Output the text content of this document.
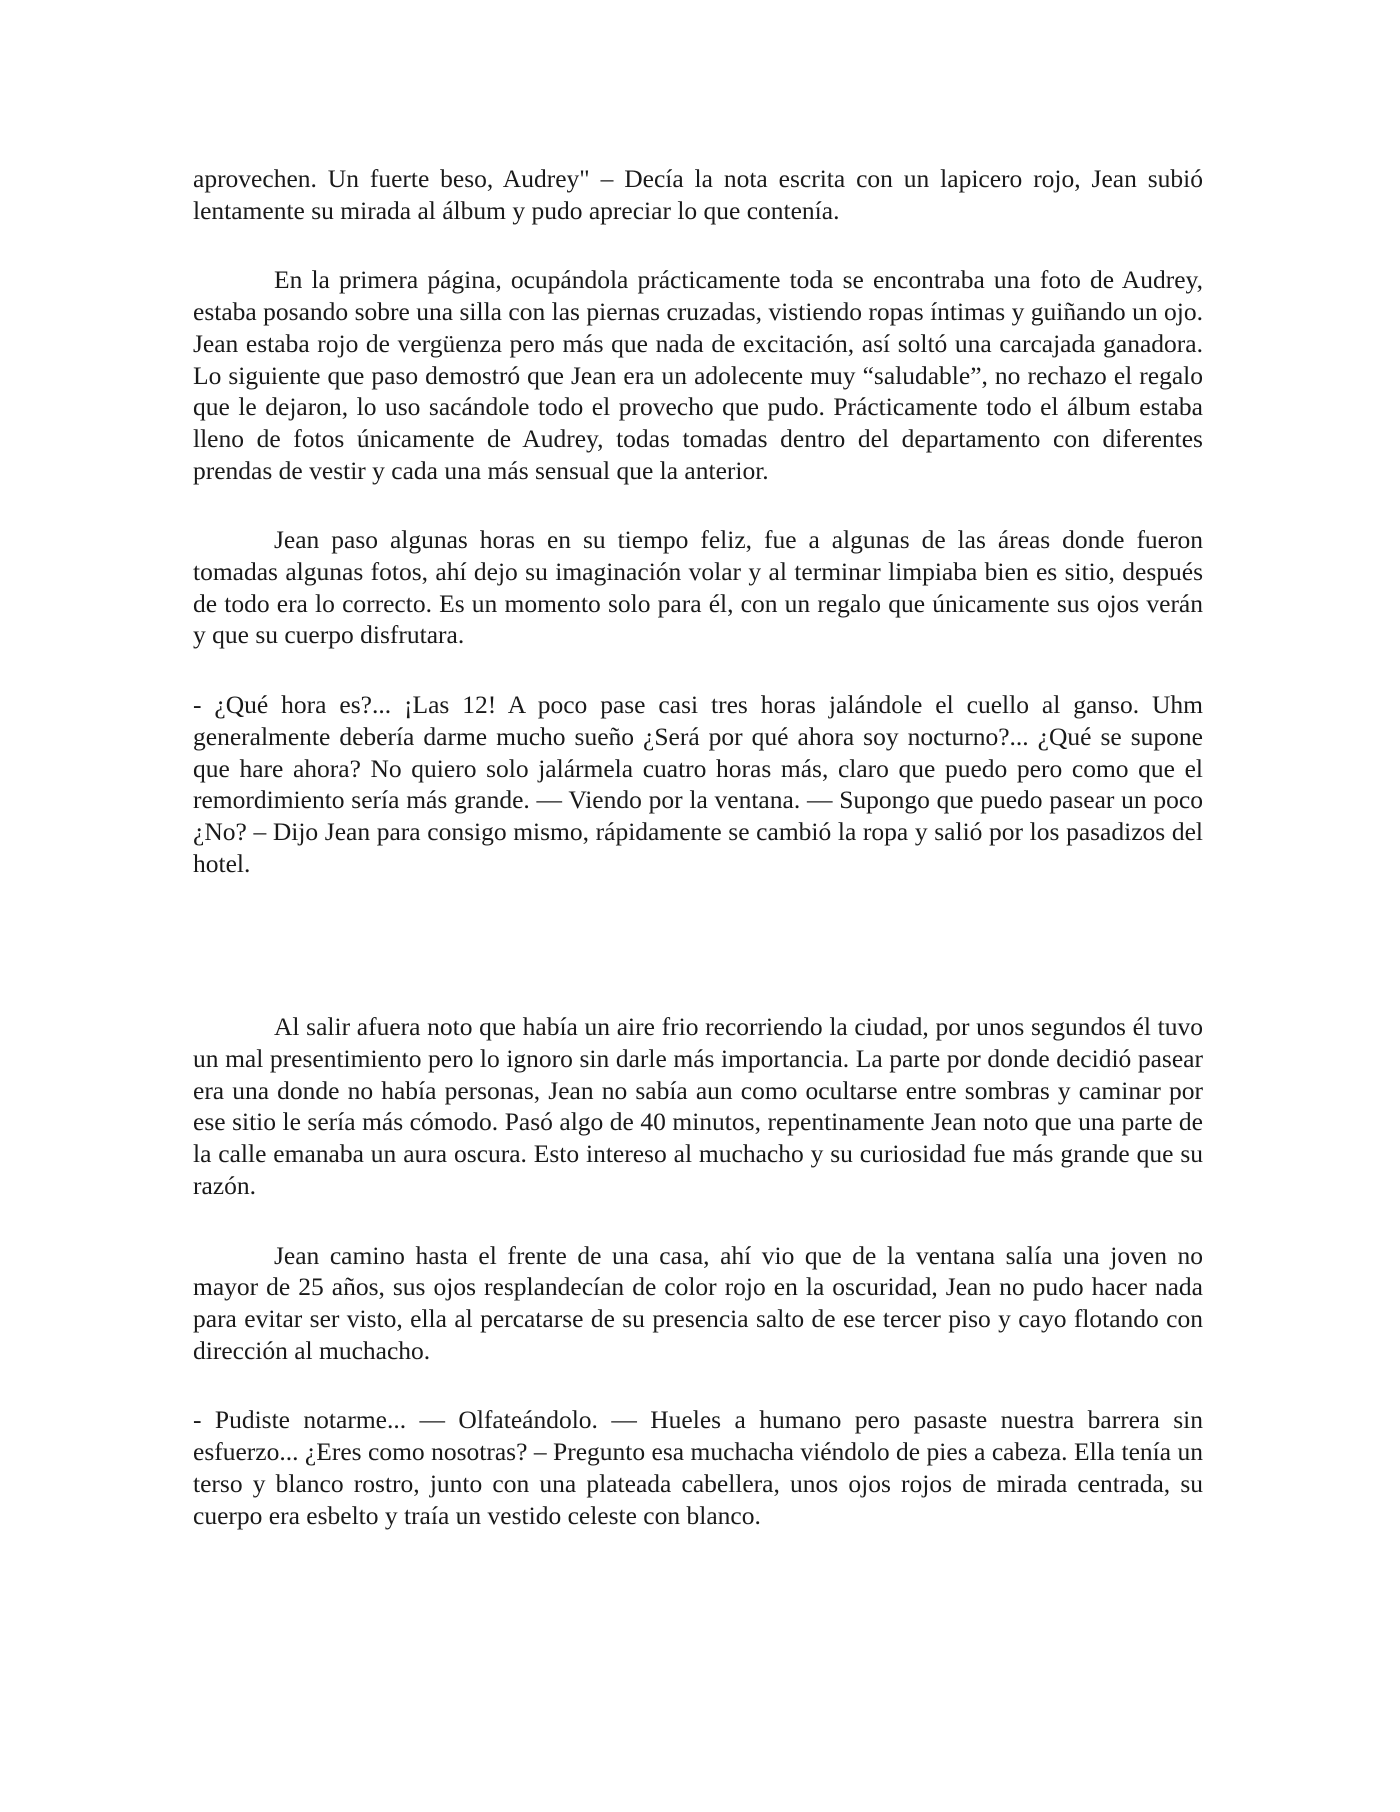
aprovechen. Un fuerte beso, Audrey" – Decía la nota escrita con un lapicero rojo, Jean subió lentamente su mirada al álbum y pudo apreciar lo que contenía.

En la primera página, ocupándola prácticamente toda se encontraba una foto de Audrey, estaba posando sobre una silla con las piernas cruzadas, vistiendo ropas íntimas y guiñando un ojo. Jean estaba rojo de vergüenza pero más que nada de excitación, así soltó una carcajada ganadora. Lo siguiente que paso demostró que Jean era un adolecente muy “saludable”, no rechazo el regalo que le dejaron, lo uso sacándole todo el provecho que pudo. Prácticamente todo el álbum estaba lleno de fotos únicamente de Audrey, todas tomadas dentro del departamento con diferentes prendas de vestir y cada una más sensual que la anterior.

Jean paso algunas horas en su tiempo feliz, fue a algunas de las áreas donde fueron tomadas algunas fotos, ahí dejo su imaginación volar y al terminar limpiaba bien es sitio, después de todo era lo correcto. Es un momento solo para él, con un regalo que únicamente sus ojos verán y que su cuerpo disfrutara.

- ¿Qué hora es?... ¡Las 12! A poco pase casi tres horas jalándole el cuello al ganso. Uhm generalmente debería darme mucho sueño ¿Será por qué ahora soy nocturno?... ¿Qué se supone que hare ahora? No quiero solo jalármela cuatro horas más, claro que puedo pero como que el remordimiento sería más grande. — Viendo por la ventana. — Supongo que puedo pasear un poco ¿No? – Dijo Jean para consigo mismo, rápidamente se cambió la ropa y salió por los pasadizos del hotel.

Al salir afuera noto que había un aire frio recorriendo la ciudad, por unos segundos él tuvo un mal presentimiento pero lo ignoro sin darle más importancia. La parte por donde decidió pasear era una donde no había personas, Jean no sabía aun como ocultarse entre sombras y caminar por ese sitio le sería más cómodo. Pasó algo de 40 minutos, repentinamente Jean noto que una parte de la calle emanaba un aura oscura. Esto intereso al muchacho y su curiosidad fue más grande que su razón.

Jean camino hasta el frente de una casa, ahí vio que de la ventana salía una joven no mayor de 25 años, sus ojos resplandecían de color rojo en la oscuridad, Jean no pudo hacer nada para evitar ser visto, ella al percatarse de su presencia salto de ese tercer piso y cayo flotando con dirección al muchacho.

- Pudiste notarme... — Olfateándolo. — Hueles a humano pero pasaste nuestra barrera sin esfuerzo... ¿Eres como nosotras? – Pregunto esa muchacha viéndolo de pies a cabeza. Ella tenía un terso y blanco rostro, junto con una plateada cabellera, unos ojos rojos de mirada centrada, su cuerpo era esbelto y traía un vestido celeste con blanco.
